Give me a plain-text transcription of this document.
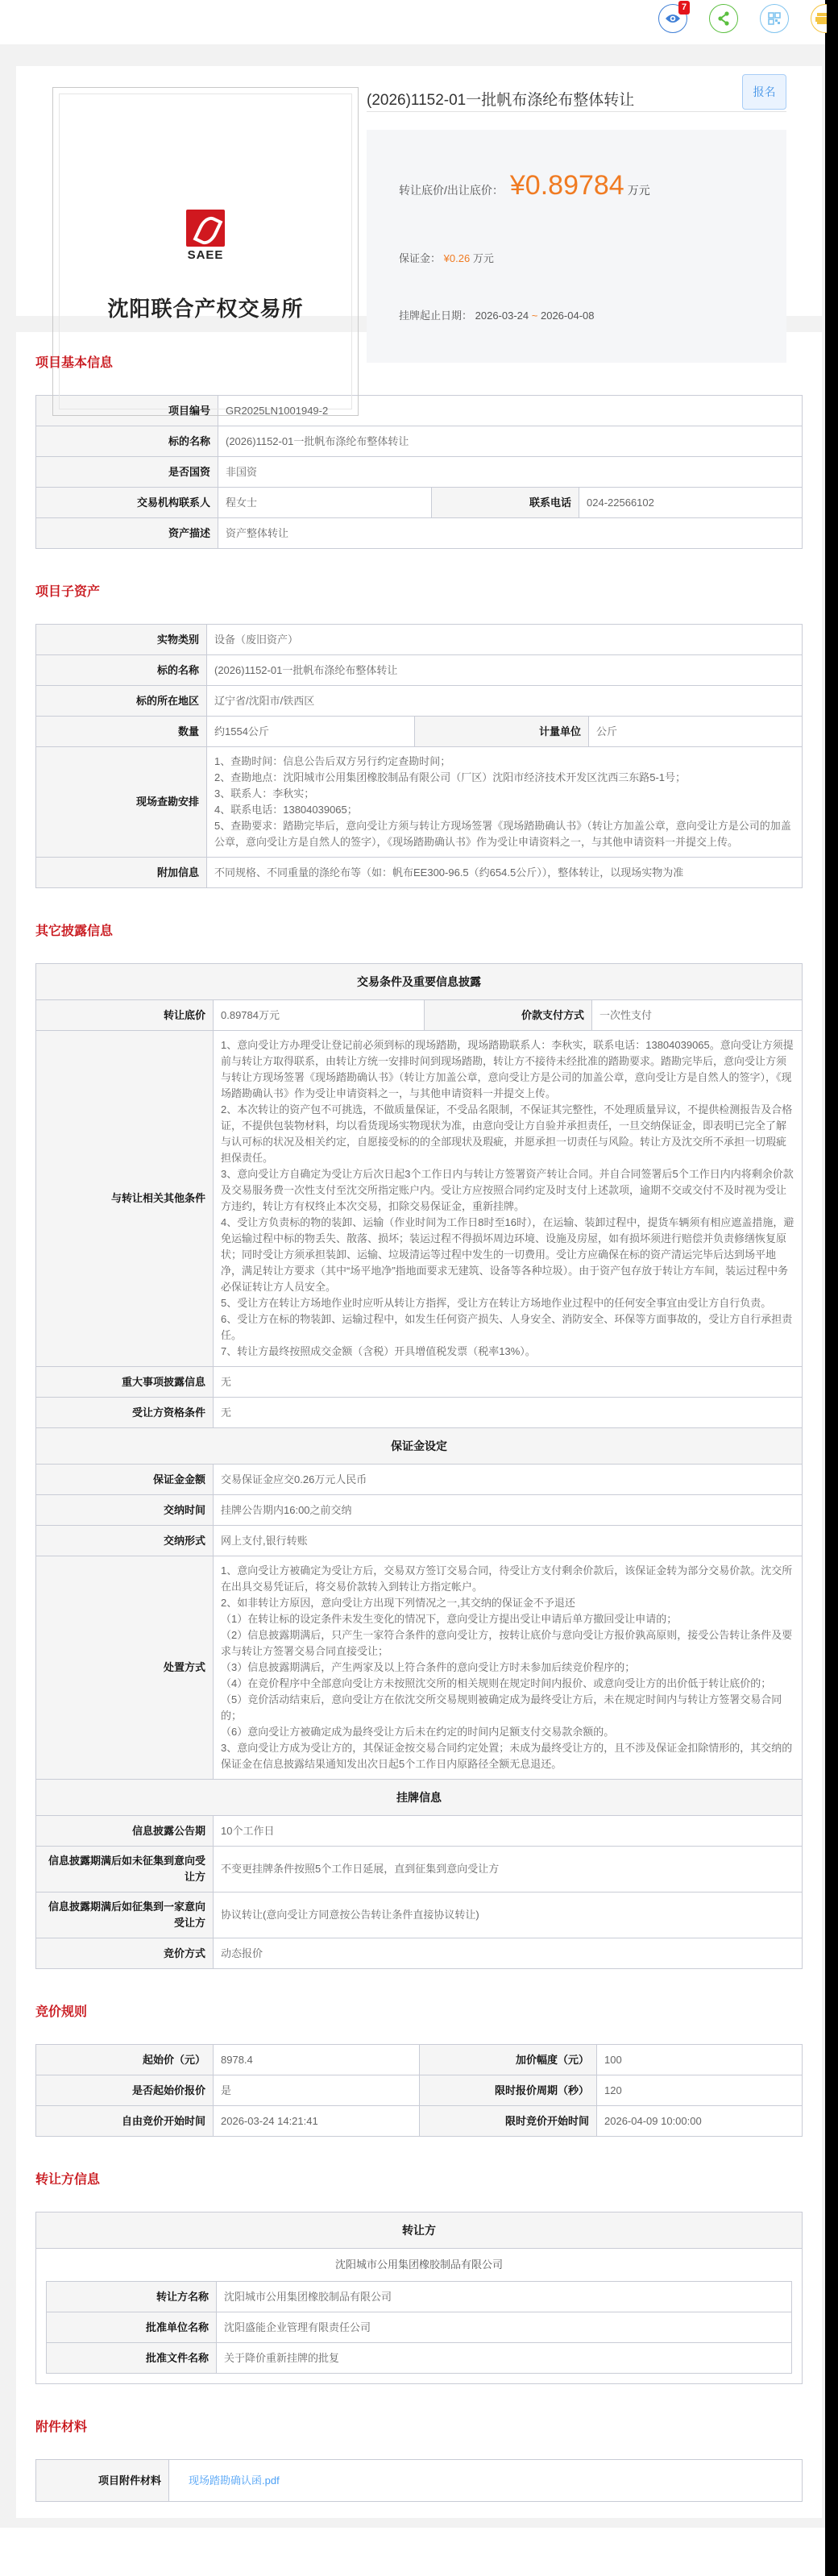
7
SAEE
沈阳联合产权交易所
(2026)1152-01一批帆布涤纶布整体转让	报名
转让底价/出让底价： ¥0.89784 万元
保证金： ¥0.26 万元
挂牌起止日期： 2026-03-24 ~ 2026-04-08
项目基本信息
项目编号	GR2025LN1001949-2		
标的名称	(2026)1152-01一批帆布涤纶布整体转让		
是否国资	非国资		
交易机构联系人	程女士	联系电话	024-22566102
资产描述	资产整体转让		
项目子资产
实物类别	设备（废旧资产）		
标的名称	(2026)1152-01一批帆布涤纶布整体转让		
标的所在地区	辽宁省/沈阳市/铁西区		
数量	约1554公斤	计量单位	公斤
现场查勘安排	1、查勘时间：信息公告后双方另行约定查勘时间；
2、查勘地点：沈阳城市公用集团橡胶制品有限公司（厂区）沈阳市经济技术开发区沈西三东路5-1号；
3、联系人：李秋实；
4、联系电话：13804039065；
5、查勘要求：踏勘完毕后，意向受让方须与转让方现场签署《现场踏勘确认书》（转让方加盖公章，意向受让方是公司的加盖公章，意向受让方是自然人的签字），《现场踏勘确认书》作为受让申请资料之一，与其他申请资料一并提交上传。		

附加信息	不同规格、不同重量的涤纶布等（如：帆布EE300-96.5（约654.5公斤）），整体转让，以现场实物为准		
其它披露信息
交易条件及重要信息披露			
转让底价	0.89784万元	价款支付方式	一次性支付
与转让相关其他条件	
1、意向受让方办理受让登记前必须到标的现场踏勘，现场踏勘联系人：李秋实，联系电话：13804039065。意向受让方须提前与转让方取得联系，由转让方统一安排时间到现场踏勘，转让方不接待未经批准的踏勘要求。踏勘完毕后，意向受让方须与转让方现场签署《现场踏勘确认书》（转让方加盖公章，意向受让方是公司的加盖公章，意向受让方是自然人的签字），《现场踏勘确认书》作为受让申请资料之一，与其他申请资料一并提交上传。
2、本次转让的资产包不可挑选，不做质量保证，不受品名限制，不保证其完整性，不处理质量异议，不提供检测报告及合格证，不提供包装物材料，均以看货现场实物现状为准，由意向受让方自验并承担责任，一旦交纳保证金，即表明已完全了解与认可标的状况及相关约定，自愿接受标的的全部现状及瑕疵，并愿承担一切责任与风险。转让方及沈交所不承担一切瑕疵担保责任。
3、意向受让方自确定为受让方后次日起3个工作日内与转让方签署资产转让合同。并自合同签署后5个工作日内内将剩余价款及交易服务费一次性支付至沈交所指定账户内。受让方应按照合同约定及时支付上述款项，逾期不交或交付不及时视为受让方违约，转让方有权终止本次交易，扣除交易保证金，重新挂牌。
4、受让方负责标的物的装卸、运输（作业时间为工作日8时至16时），在运输、装卸过程中，提货车辆须有相应遮盖措施，避免运输过程中标的物丢失、散落、损坏；装运过程不得损坏周边环境、设施及房屋，如有损坏须进行赔偿并负责修缮恢复原状；同时受让方须承担装卸、运输、垃圾清运等过程中发生的一切费用。受让方应确保在标的资产清运完毕后达到场平地净，满足转让方要求（其中“场平地净”指地面要求无建筑、设备等各种垃圾）。由于资产包存放于转让方车间，装运过程中务必保证转让方人员安全。
5、受让方在转让方场地作业时应听从转让方指挥，受让方在转让方场地作业过程中的任何安全事宜由受让方自行负责。
6、受让方在标的物装卸、运输过程中，如发生任何资产损失、人身安全、消防安全、环保等方面事故的，受让方自行承担责任。
7、转让方最终按照成交金额（含税）开具增值税发票（税率13%）。

重大事项披露信息	无		
受让方资格条件	无		
保证金设定			
保证金金额	交易保证金应交0.26万元人民币		
交纳时间	挂牌公告期内16:00之前交纳		
交纳形式	网上支付,银行转账		
处置方式	
1、意向受让方被确定为受让方后，交易双方签订交易合同，待受让方支付剩余价款后，该保证金转为部分交易价款。沈交所在出具交易凭证后，将交易价款转入到转让方指定帐户。
2、如非转让方原因，意向受让方出现下列情况之一,其交纳的保证金不予退还
（1）在转让标的设定条件未发生变化的情况下，意向受让方提出受让申请后单方撤回受让申请的；
（2）信息披露期满后，只产生一家符合条件的意向受让方，按转让底价与意向受让方报价孰高原则，接受公告转让条件及要求与转让方签署交易合同直接受让；
（3）信息披露期满后，产生两家及以上符合条件的意向受让方时未参加后续竞价程序的；
（4）在竞价程序中全部意向受让方未按照沈交所的相关规则在规定时间内报价、或意向受让方的出价低于转让底价的；
（5）竞价活动结束后，意向受让方在依沈交所交易规则被确定成为最终受让方后，未在规定时间内与转让方签署交易合同的；
（6）意向受让方被确定成为最终受让方后未在约定的时间内足额支付交易款余额的。
3、意向受让方成为受让方的，其保证金按交易合同约定处置；未成为最终受让方的，且不涉及保证金扣除情形的，其交纳的保证金在信息披露结果通知发出次日起5个工作日内原路径全额无息退还。

挂牌信息			
信息披露公告期	10个工作日		
信息披露期满后如未征集到意向受让方	不变更挂牌条件按照5个工作日延展，直到征集到意向受让方		
信息披露期满后如征集到一家意向受让方	协议转让(意向受让方同意按公告转让条件直接协议转让)		
竞价方式	动态报价		
竞价规则
起始价（元）	8978.4	加价幅度（元）	100
是否起始价报价	是	限时报价周期（秒）	120
自由竞价开始时间	2026-03-24 14:21:41	限时竞价开始时间	2026-04-09 10:00:00
转让方信息
转让方

沈阳城市公用集团橡胶制品有限公司
转让方名称	沈阳城市公用集团橡胶制品有限公司
批准单位名称	沈阳盛能企业管理有限责任公司
批准文件名称	关于降价重新挂牌的批复
附件材料
项目附件材料	现场踏勘确认函.pdf
